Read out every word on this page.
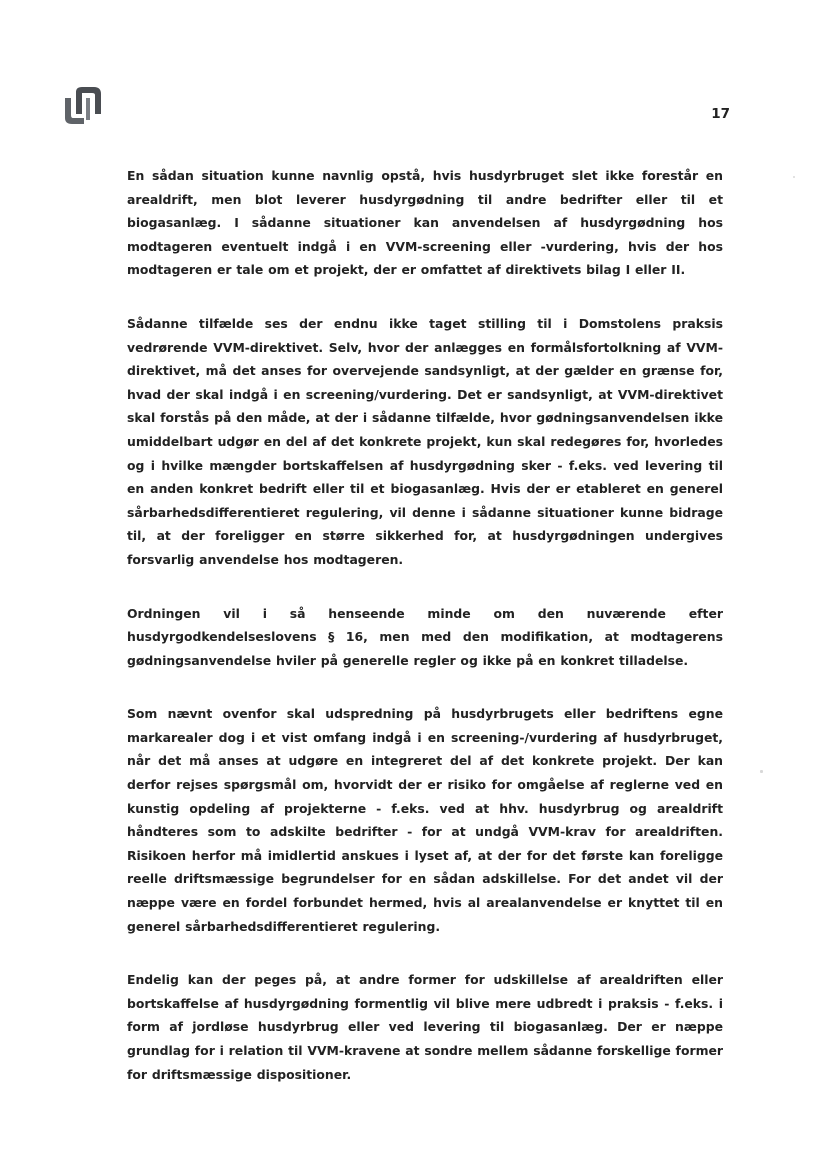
17

En sådan situation kunne navnlig opstå, hvis husdyrbruget slet ikke forestår en arealdrift, men blot leverer husdyrgødning til andre bedrifter eller til et biogasanlæg. I sådanne situationer kan anvendelsen af husdyrgødning hos modtageren eventuelt indgå i en VVM-screening eller -vurdering, hvis der hos modtageren er tale om et projekt, der er omfattet af direktivets bilag I eller II.

Sådanne tilfælde ses der endnu ikke taget stilling til i Domstolens praksis vedrørende VVM-direktivet. Selv, hvor der anlægges en formålsfortolkning af VVM-direktivet, må det anses for overvejende sandsynligt, at der gælder en grænse for, hvad der skal indgå i en screening/vurdering. Det er sandsynligt, at VVM-direktivet skal forstås på den måde, at der i sådanne tilfælde, hvor gødningsanvendelsen ikke umiddelbart udgør en del af det konkrete projekt, kun skal redegøres for, hvorledes og i hvilke mængder bortskaffelsen af husdyrgødning sker - f.eks. ved levering til en anden konkret bedrift eller til et biogasanlæg. Hvis der er etableret en generel sårbarhedsdifferentieret regulering, vil denne i sådanne situationer kunne bidrage til, at der foreligger en større sikkerhed for, at husdyrgødningen undergives forsvarlig anvendelse hos modtageren.

Ordningen vil i så henseende minde om den nuværende efter husdyrgodkendelseslovens § 16, men med den modifikation, at modtagerens gødningsanvendelse hviler på generelle regler og ikke på en konkret tilladelse.

Som nævnt ovenfor skal udspredning på husdyrbrugets eller bedriftens egne markarealer dog i et vist omfang indgå i en screening-/vurdering af husdyrbruget, når det må anses at udgøre en integreret del af det konkrete projekt. Der kan derfor rejses spørgsmål om, hvorvidt der er risiko for omgåelse af reglerne ved en kunstig opdeling af projekterne - f.eks. ved at hhv. husdyrbrug og arealdrift håndteres som to adskilte bedrifter - for at undgå VVM-krav for arealdriften. Risikoen herfor må imidlertid anskues i lyset af, at der for det første kan foreligge reelle driftsmæssige begrundelser for en sådan adskillelse. For det andet vil der næppe være en fordel forbundet hermed, hvis al arealanvendelse er knyttet til en generel sårbarhedsdifferentieret regulering.

Endelig kan der peges på, at andre former for udskillelse af arealdriften eller bortskaffelse af husdyrgødning formentlig vil blive mere udbredt i praksis - f.eks. i form af jordløse husdyrbrug eller ved levering til biogasanlæg. Der er næppe grundlag for i relation til VVM-kravene at sondre mellem sådanne forskellige former for driftsmæssige dispositioner.
